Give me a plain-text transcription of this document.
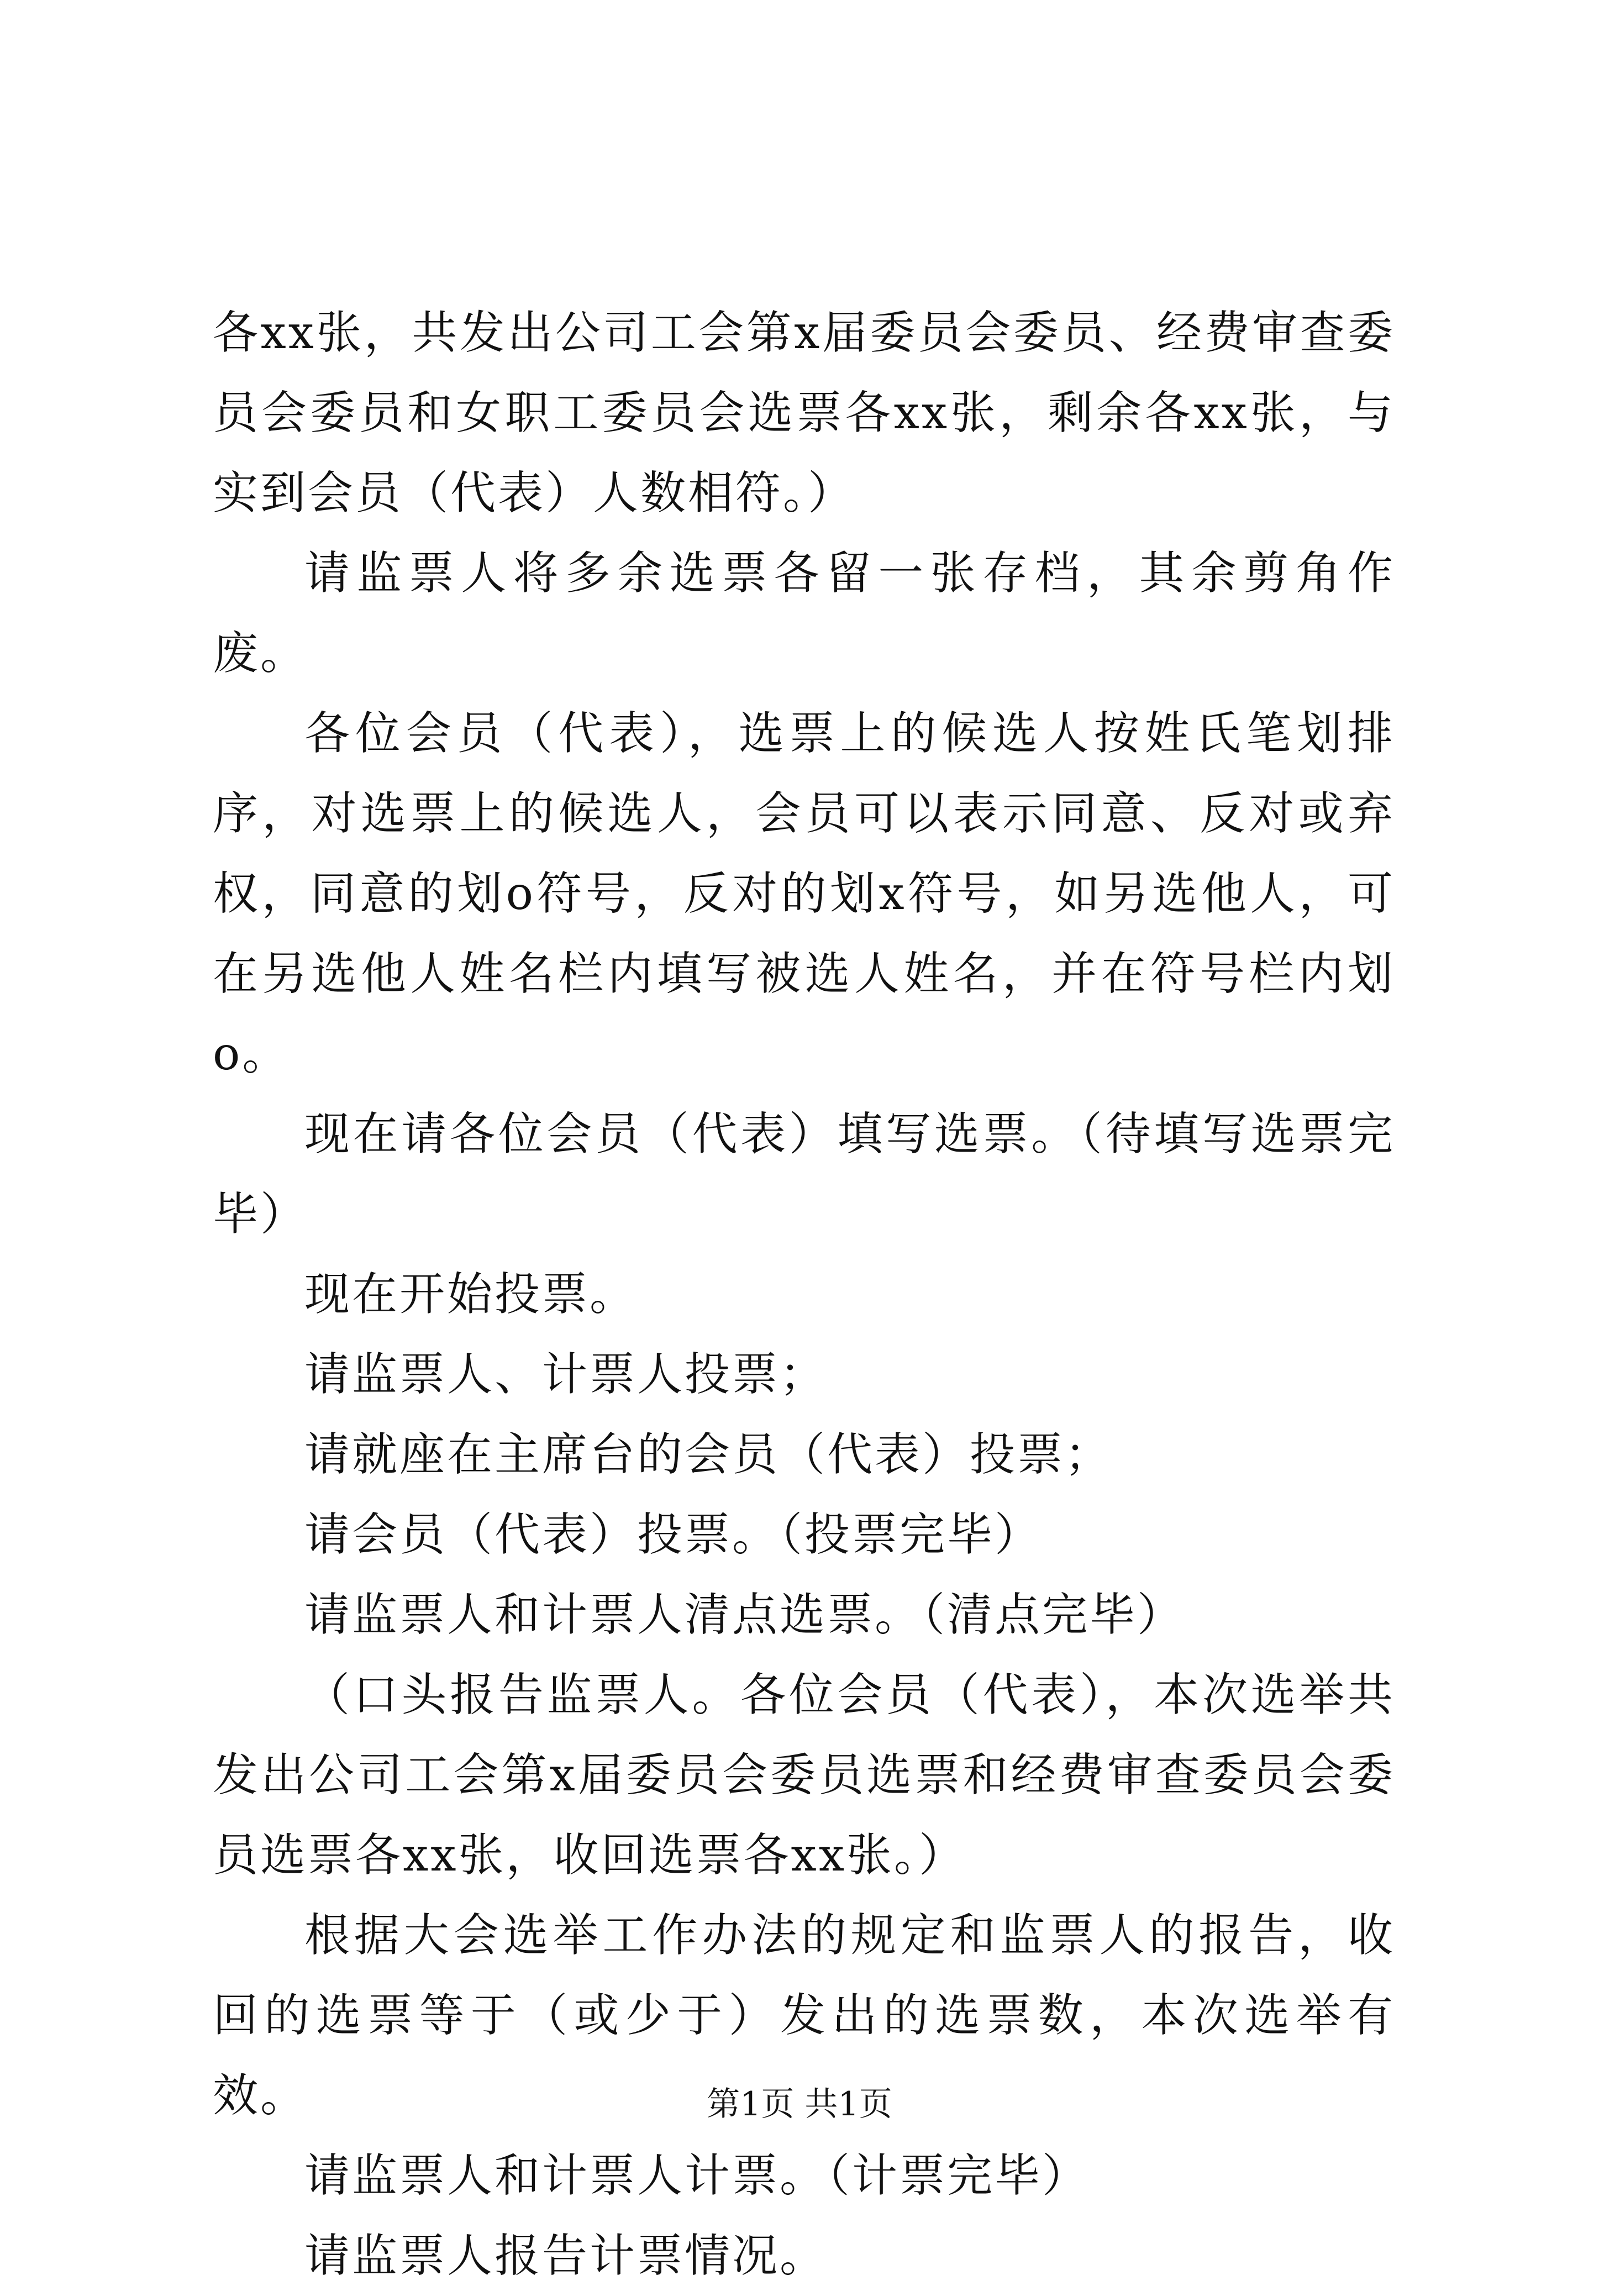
各xx张，共发出公司工会第x届委员会委员、经费审查委员会委员和女职工委员会选票各xx张，剩余各xx张，与实到会员（代表）人数相符。）

请监票人将多余选票各留一张存档，其余剪角作废。

各位会员（代表），选票上的候选人按姓氏笔划排序，对选票上的候选人，会员可以表示同意、反对或弃权，同意的划o符号，反对的划x符号，如另选他人，可在另选他人姓名栏内填写被选人姓名，并在符号栏内划o。

现在请各位会员（代表）填写选票。（待填写选票完毕）

现在开始投票。

请监票人、计票人投票；

请就座在主席台的会员（代表）投票；

请会员（代表）投票。（投票完毕）

请监票人和计票人清点选票。（清点完毕）

（口头报告监票人。各位会员（代表），本次选举共发出公司工会第x届委员会委员选票和经费审查委员会委员选票各xx张，收回选票各xx张。）

根据大会选举工作办法的规定和监票人的报告，收回的选票等于（或少于）发出的选票数，本次选举有效。

请监票人和计票人计票。（计票完毕）

请监票人报告计票情况。

第1页 共1页
